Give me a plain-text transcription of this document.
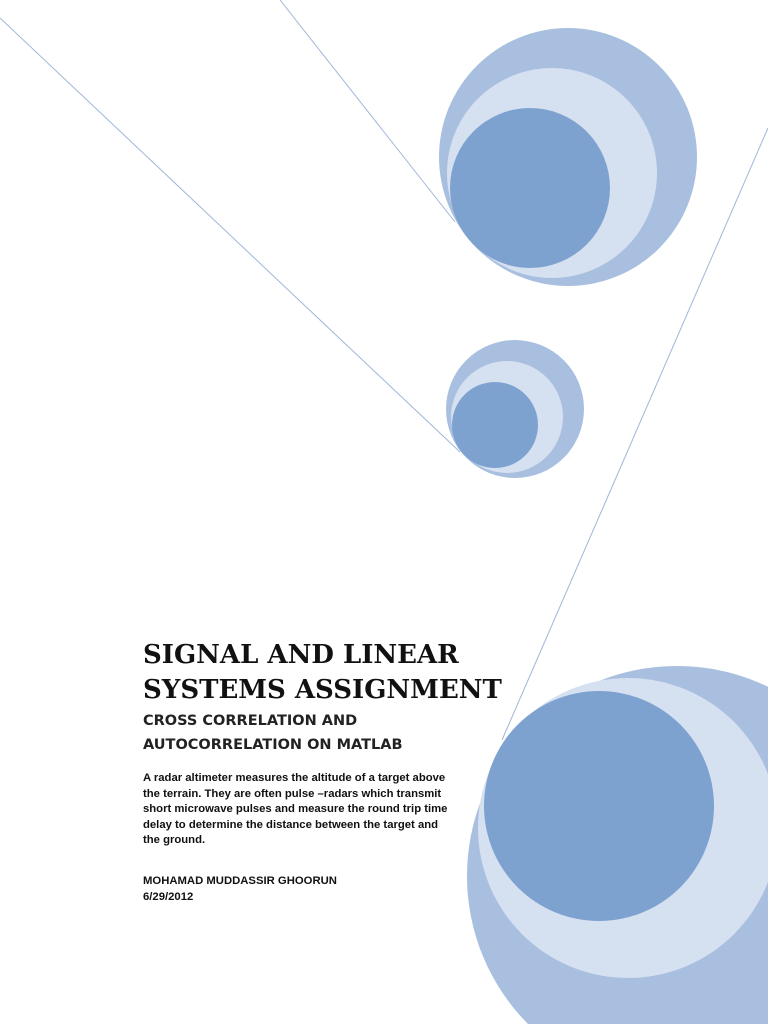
SIGNAL AND LINEAR
SYSTEMS ASSIGNMENT
CROSS CORRELATION AND
AUTOCORRELATION ON MATLAB

A radar altimeter measures the altitude of a target above
the terrain. They are often pulse –radars which transmit
short microwave pulses and measure the round trip time
delay to determine the distance between the target and
the ground.

MOHAMAD MUDDASSIR GHOORUN

6/29/2012
